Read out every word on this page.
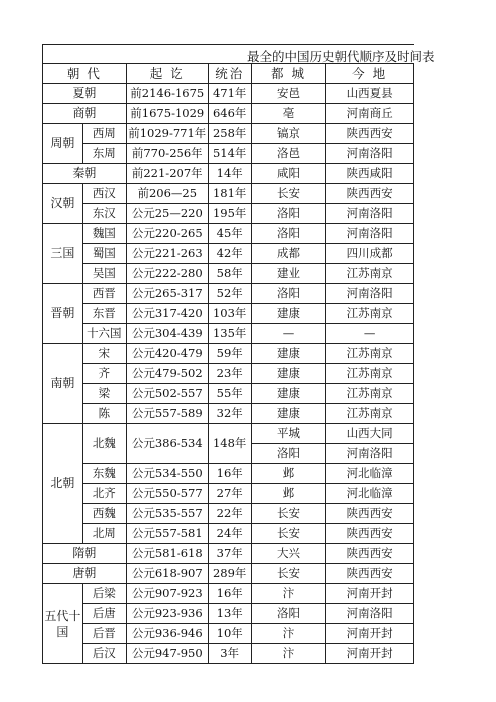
最全的中国历史朝代顺序及时间表
朝 代		起 讫	统治	都 城	今 地
夏朝		前2146-1675	471年	安邑	山西夏县
商朝		前1675-1029	646年	亳	河南商丘
周朝	西周	前1029-771年	258年	镐京	陕西西安
	东周	前770-256年	514年	洛邑	河南洛阳
秦朝		前221-207年	14年	咸阳	陕西咸阳
汉朝	西汉	前206—25	181年	长安	陕西西安
	东汉	公元25—220	195年	洛阳	河南洛阳
三国	魏国	公元220-265	45年	洛阳	河南洛阳
	蜀国	公元221-263	42年	成都	四川成都
	吴国	公元222-280	58年	建业	江苏南京
晋朝	西晋	公元265-317	52年	洛阳	河南洛阳
	东晋	公元317-420	103年	建康	江苏南京
	十六国	公元304-439	135年	—	—
南朝	宋	公元420-479	59年	建康	江苏南京
	齐	公元479-502	23年	建康	江苏南京
	梁	公元502-557	55年	建康	江苏南京
	陈	公元557-589	32年	建康	江苏南京
北朝	北魏	公元386-534	148年	平城	山西大同
				洛阳	河南洛阳
	东魏	公元534-550	16年	邺	河北临漳
	北齐	公元550-577	27年	邺	河北临漳
	西魏	公元535-557	22年	长安	陕西西安
	北周	公元557-581	24年	长安	陕西西安
隋朝		公元581-618	37年	大兴	陕西西安
唐朝		公元618-907	289年	长安	陕西西安
五代十国	后梁	公元907-923	16年	汴	河南开封
	后唐	公元923-936	13年	洛阳	河南洛阳
	后晋	公元936-946	10年	汴	河南开封
	后汉	公元947-950	3年	汴	河南开封
